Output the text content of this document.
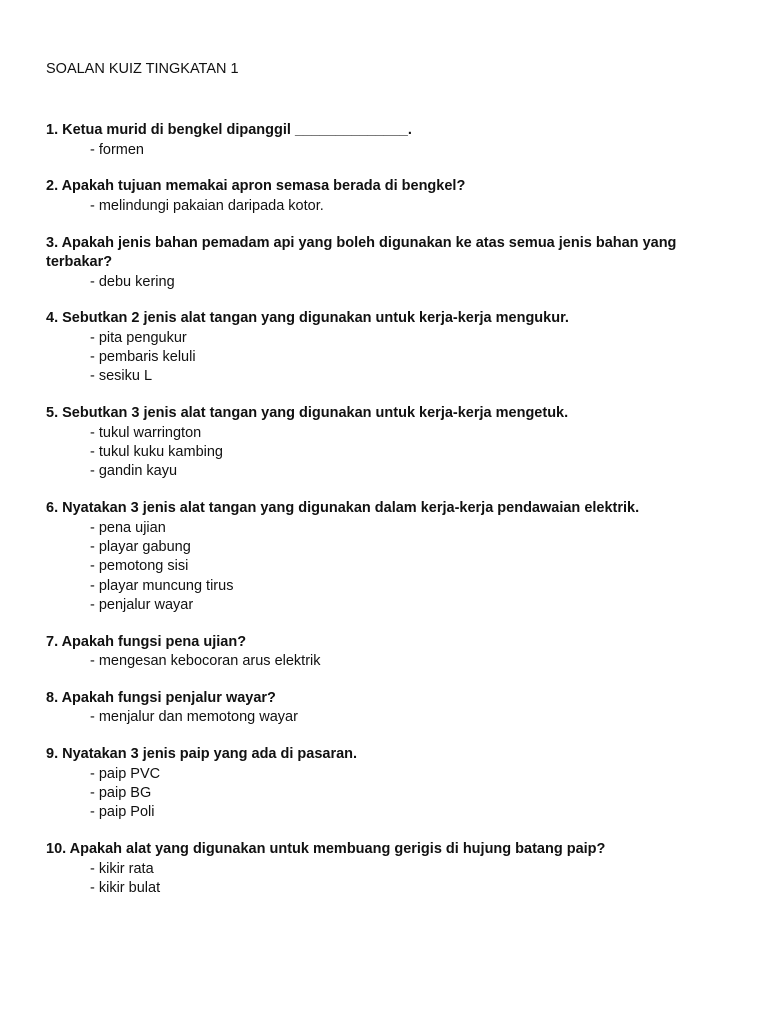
SOALAN KUIZ TINGKATAN 1

1. Ketua murid di bengkel dipanggil ______________.

- formen

2. Apakah tujuan memakai apron semasa berada di bengkel?

- melindungi pakaian daripada kotor.

3. Apakah jenis bahan pemadam api yang boleh digunakan ke atas semua jenis bahan yang terbakar?

- debu kering

4. Sebutkan 2 jenis alat tangan yang digunakan untuk kerja-kerja mengukur.

- pita pengukur
- pembaris keluli
- sesiku L

5. Sebutkan 3 jenis alat tangan yang digunakan untuk kerja-kerja mengetuk.

- tukul warrington
- tukul kuku kambing
- gandin kayu

6. Nyatakan 3 jenis alat tangan yang digunakan dalam kerja-kerja pendawaian elektrik.

- pena ujian
- playar gabung
- pemotong sisi
- playar muncung tirus
- penjalur wayar

7. Apakah fungsi pena ujian?

- mengesan kebocoran arus elektrik

8. Apakah fungsi penjalur wayar?

- menjalur dan memotong wayar

9. Nyatakan 3 jenis paip yang ada di pasaran.

- paip PVC
- paip BG
- paip Poli

10. Apakah alat yang digunakan untuk membuang gerigis di hujung batang paip?

- kikir rata
- kikir bulat
